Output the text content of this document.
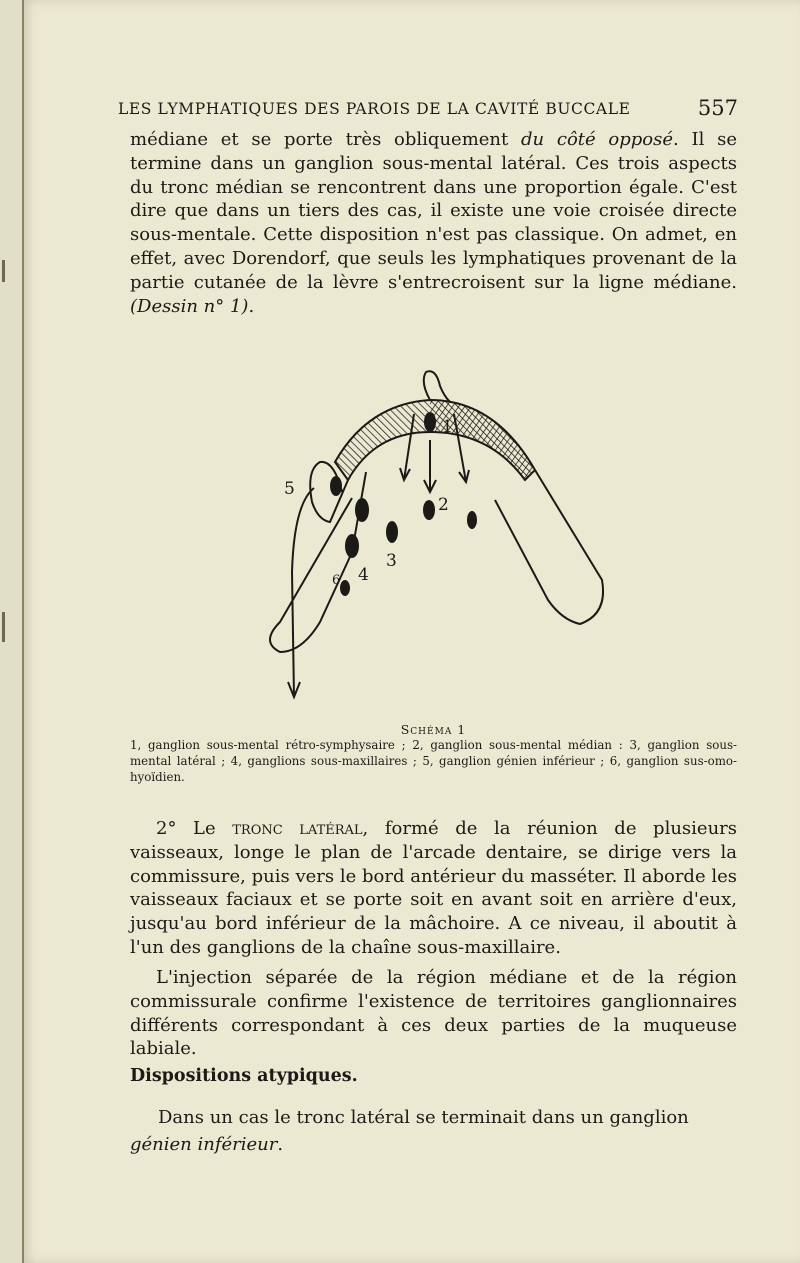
LES LYMPHATIQUES DES PAROIS DE LA CAVITÉ BUCCALE	557

médiane et se porte très obliquement du côté opposé. Il se termine dans un ganglion sous-mental latéral. Ces trois aspects du tronc médian se rencontrent dans une proportion égale. C'est dire que dans un tiers des cas, il existe une voie croisée directe sous-mentale. Cette disposition n'est pas classique. On admet, en effet, avec Dorendorf, que seuls les lymphatiques provenant de la partie cutanée de la lèvre s'entrecroisent sur la ligne médiane. (Dessin n° 1).

1
2
3
4
5
6
Schéma 1
1, ganglion sous-mental rétro-symphysaire ; 2, ganglion sous-mental médian : 3, ganglion sous-mental latéral ; 4, ganglions sous-maxillaires ; 5, ganglion génien inférieur ; 6, ganglion sus-omo-hyoïdien.

2° Le tronc latéral, formé de la réunion de plusieurs vaisseaux, longe le plan de l'arcade dentaire, se dirige vers la commissure, puis vers le bord antérieur du masséter. Il aborde les vaisseaux faciaux et se porte soit en avant soit en arrière d'eux, jusqu'au bord inférieur de la mâchoire. A ce niveau, il aboutit à l'un des ganglions de la chaîne sous-maxillaire.

L'injection séparée de la région médiane et de la région commissurale confirme l'existence de territoires ganglionnaires différents correspondant à ces deux parties de la muqueuse labiale.

Dispositions atypiques.
Dans un cas le tronc latéral se terminait dans un ganglion génien inférieur.
